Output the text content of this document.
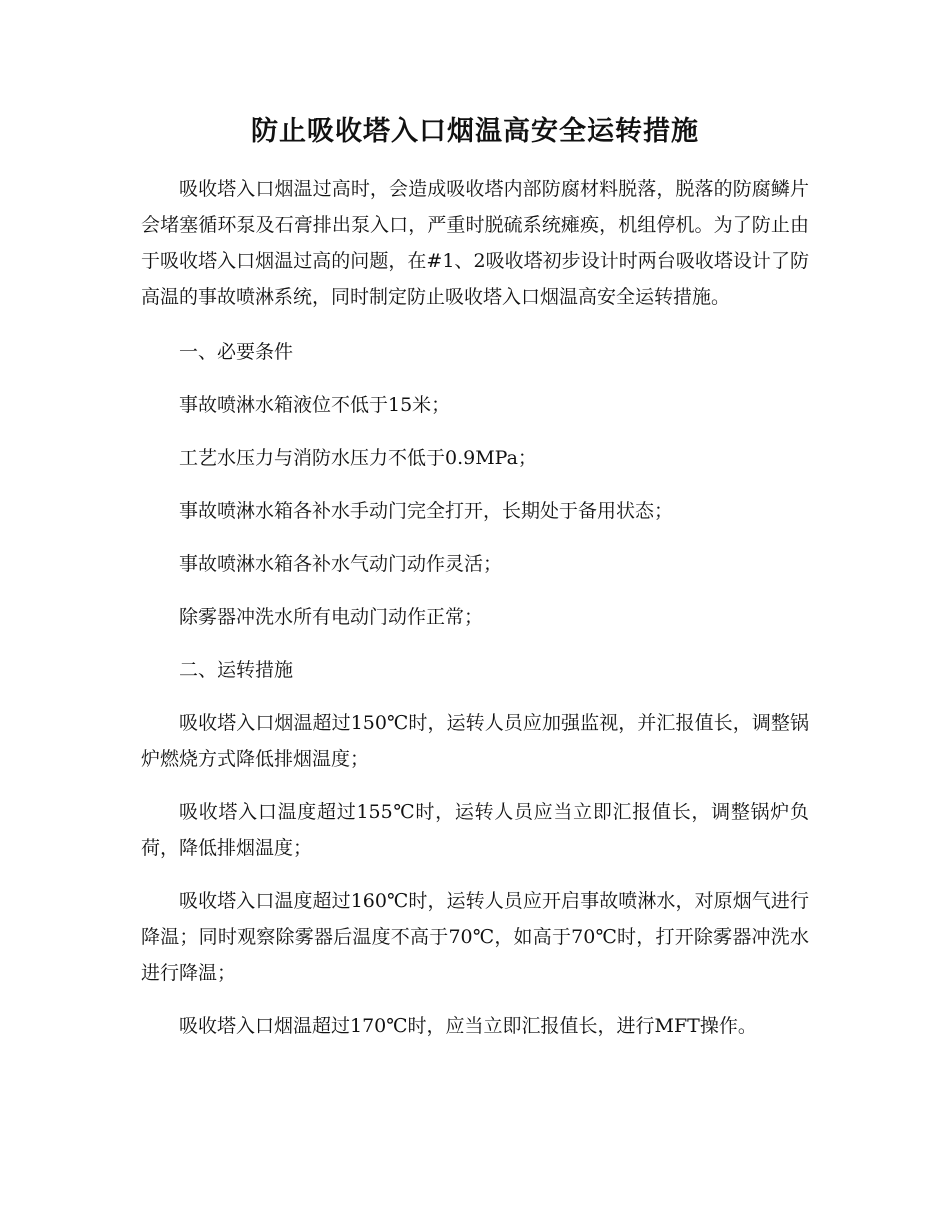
防止吸收塔入口烟温高安全运转措施

吸收塔入口烟温过高时，会造成吸收塔内部防腐材料脱落，脱落的防腐鳞片会堵塞循环泵及石膏排出泵入口，严重时脱硫系统瘫痪，机组停机。为了防止由于吸收塔入口烟温过高的问题，在#1、2吸收塔初步设计时两台吸收塔设计了防高温的事故喷淋系统，同时制定防止吸收塔入口烟温高安全运转措施。

一、必要条件

事故喷淋水箱液位不低于15米；

工艺水压力与消防水压力不低于0.9MPa；

事故喷淋水箱各补水手动门完全打开，长期处于备用状态；

事故喷淋水箱各补水气动门动作灵活；

除雾器冲洗水所有电动门动作正常；

二、运转措施

吸收塔入口烟温超过150℃时，运转人员应加强监视，并汇报值长，调整锅炉燃烧方式降低排烟温度；

吸收塔入口温度超过155℃时，运转人员应当立即汇报值长，调整锅炉负荷，降低排烟温度；

吸收塔入口温度超过160℃时，运转人员应开启事故喷淋水，对原烟气进行降温；同时观察除雾器后温度不高于70℃，如高于70℃时，打开除雾器冲洗水进行降温；

吸收塔入口烟温超过170℃时，应当立即汇报值长，进行MFT操作。
